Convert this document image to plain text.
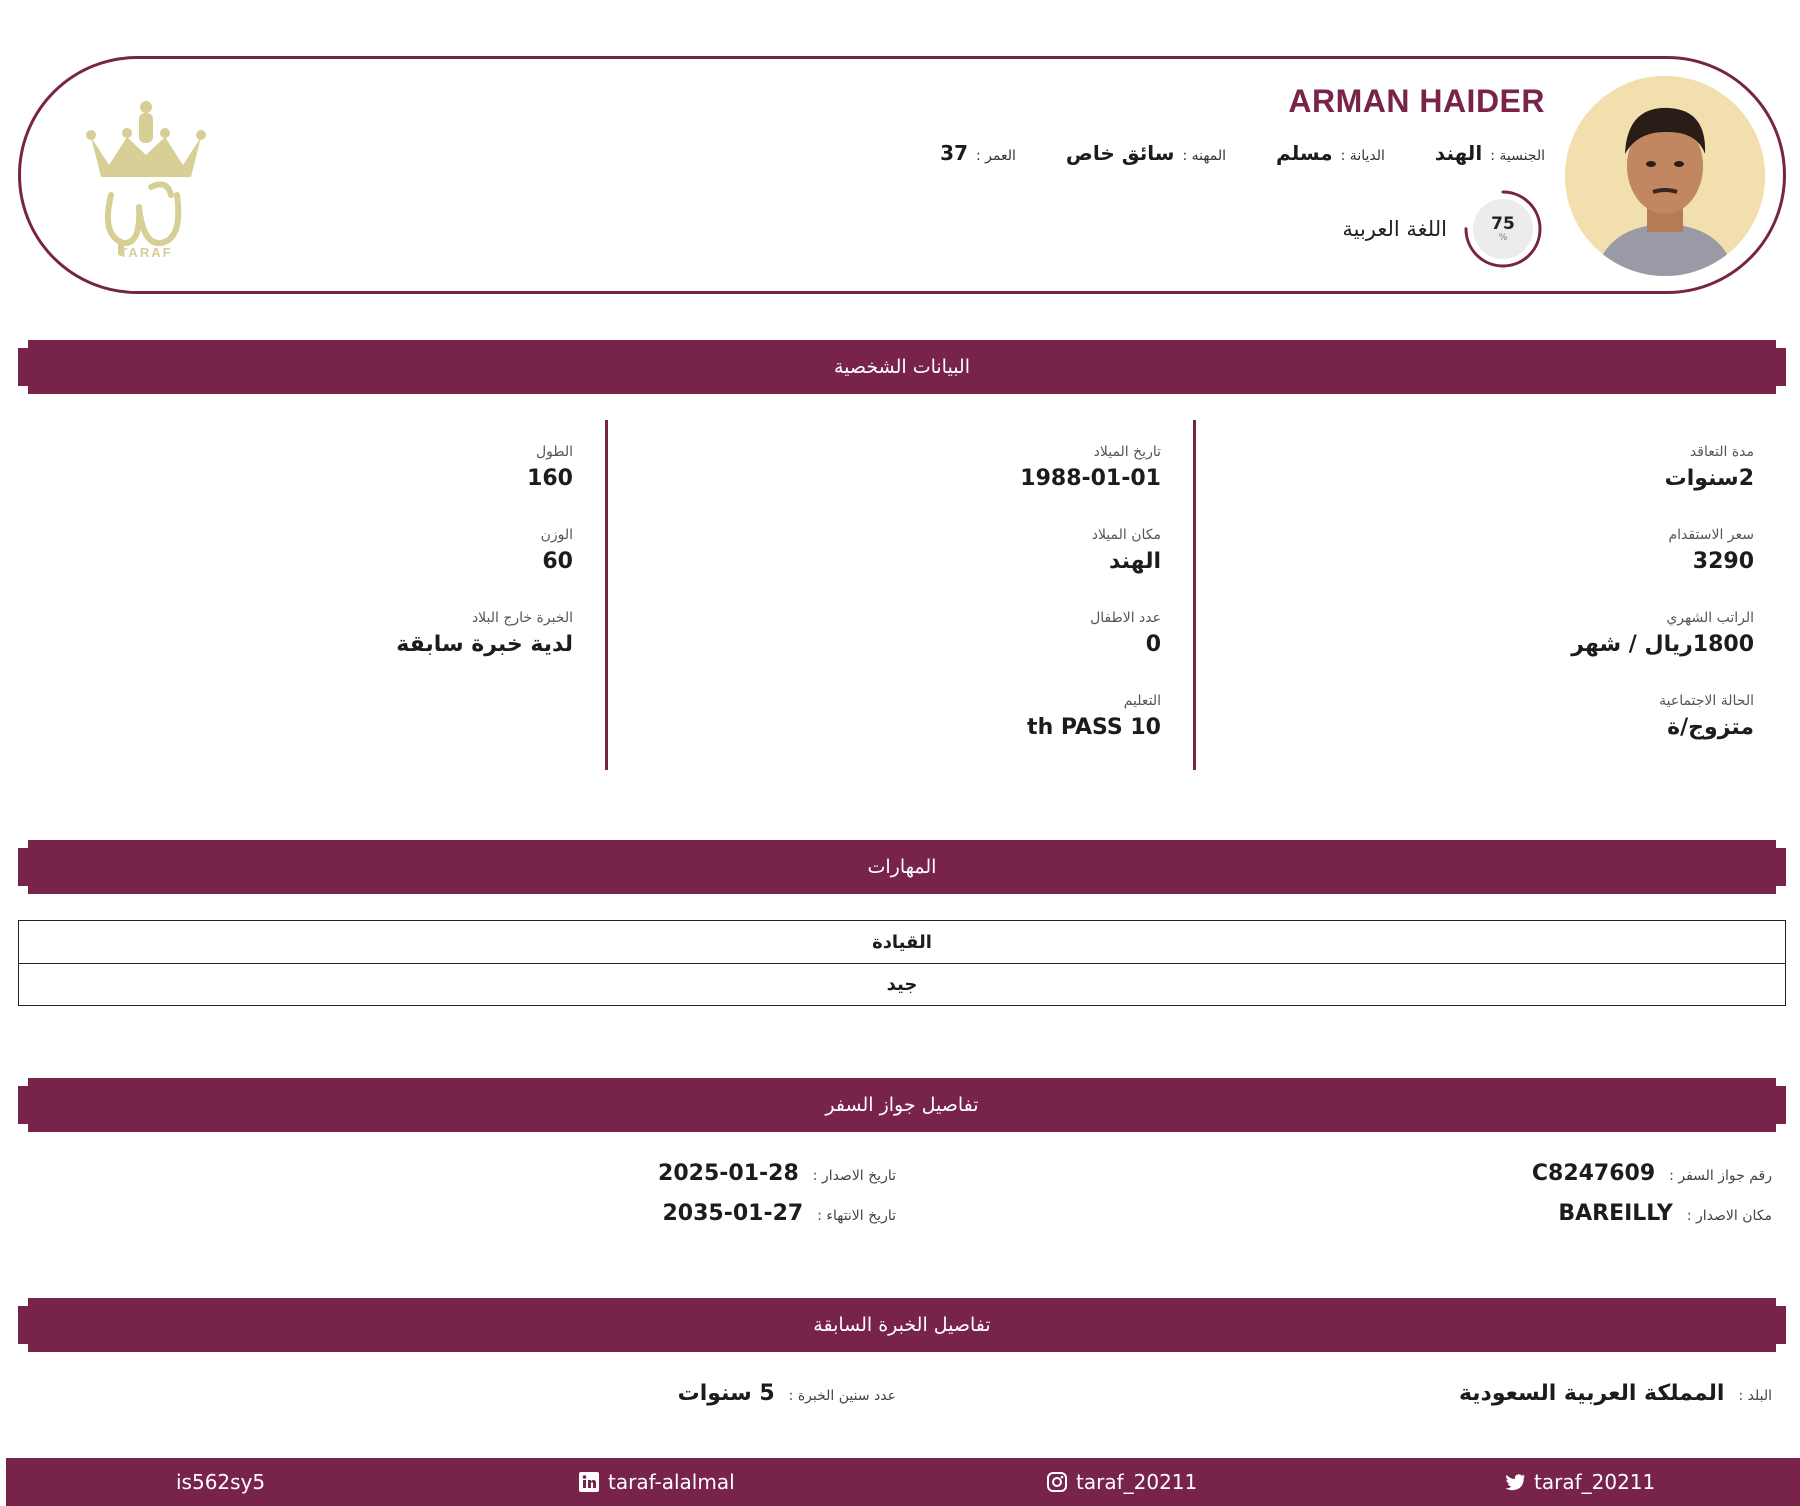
ARMAN HAIDER
الجنسية :
الهند
الديانة :
مسلم
المهنه :
سائق خاص
العمر :
37
75
%
اللغة العربية
TARAF
البيانات الشخصية
مدة التعاقد
2سنوات
سعر الاستقدام
3290
الراتب الشهري
1800ريال / شهر
الحالة الاجتماعية
متزوج/ة
تاريخ الميلاد
1988-01-01
مكان الميلاد
الهند
عدد الاطفال
0
التعليم
th PASS 10
الطول
160
الوزن
60
الخبرة خارج البلاد
لدية خبرة سابقة
المهارات
القيادة
جيد
تفاصيل جواز السفر
رقم جواز السفر :
C8247609
مكان الاصدار :
BAREILLY
تاريخ الاصدار :
2025-01-28
تاريخ الانتهاء :
2035-01-27
تفاصيل الخبرة السابقة
البلد :
المملكة العربية السعودية
عدد سنين الخبرة :
5 سنوات
is562sy5	taraf-alalmal	taraf_20211	taraf_20211
